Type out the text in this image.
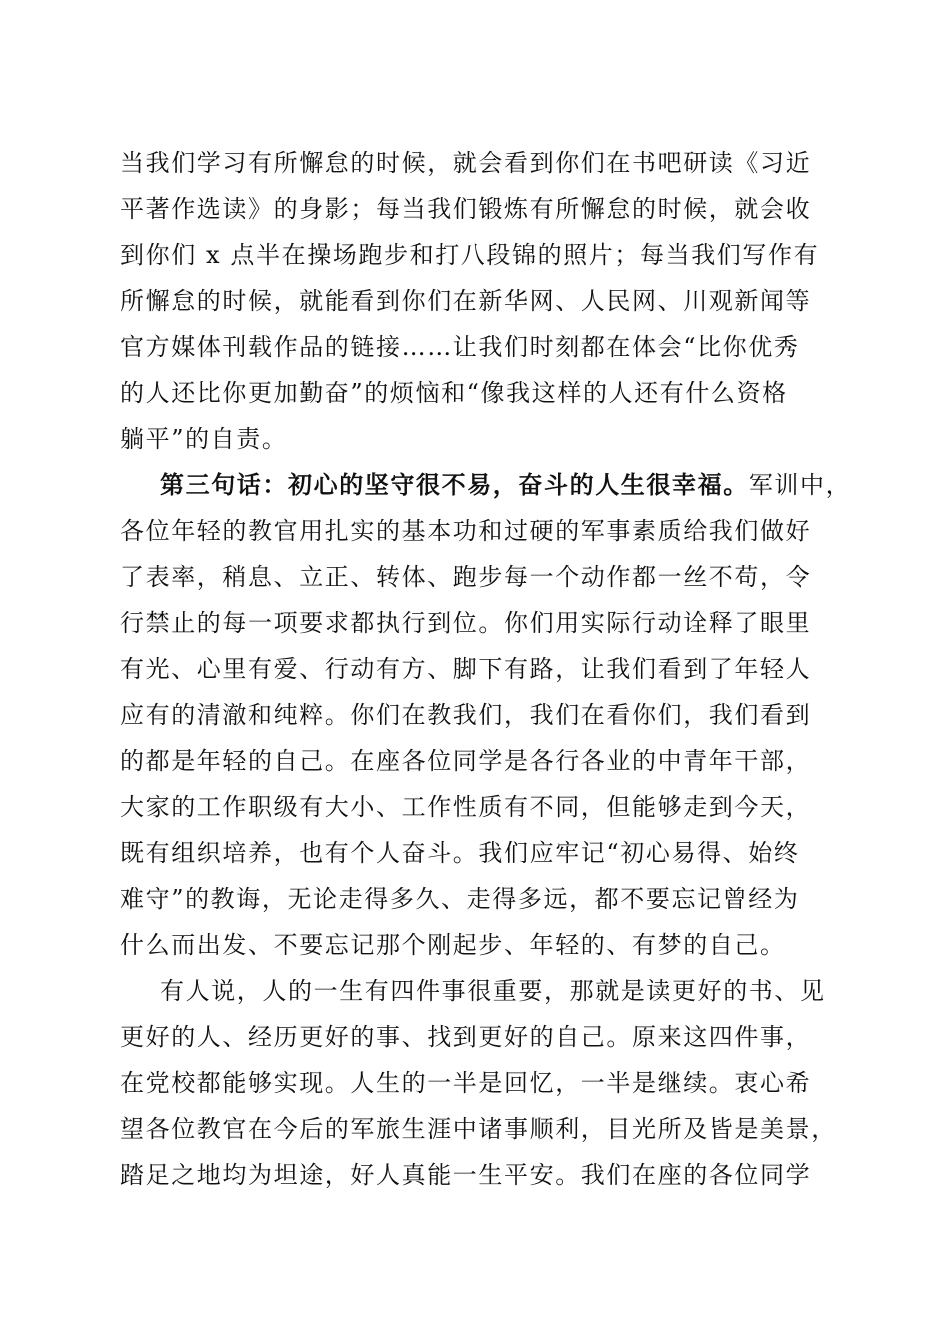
当我们学习有所懈怠的时候，就会看到你们在书吧研读《习近
平著作选读》的身影；每当我们锻炼有所懈怠的时候，就会收
到你们 x 点半在操场跑步和打八段锦的照片；每当我们写作有
所懈怠的时候，就能看到你们在新华网、人民网、川观新闻等
官方媒体刊载作品的链接……让我们时刻都在体会“比你优秀
的人还比你更加勤奋”的烦恼和“像我这样的人还有什么资格
躺平”的自责。
第三句话：初心的坚守很不易，奋斗的人生很幸福。军训中，
各位年轻的教官用扎实的基本功和过硬的军事素质给我们做好
了表率，稍息、立正、转体、跑步每一个动作都一丝不苟，令
行禁止的每一项要求都执行到位。你们用实际行动诠释了眼里
有光、心里有爱、行动有方、脚下有路，让我们看到了年轻人
应有的清澈和纯粹。你们在教我们，我们在看你们，我们看到
的都是年轻的自己。在座各位同学是各行各业的中青年干部，
大家的工作职级有大小、工作性质有不同，但能够走到今天，
既有组织培养，也有个人奋斗。我们应牢记“初心易得、始终
难守”的教诲，无论走得多久、走得多远，都不要忘记曾经为
什么而出发、不要忘记那个刚起步、年轻的、有梦的自己。
有人说，人的一生有四件事很重要，那就是读更好的书、见
更好的人、经历更好的事、找到更好的自己。原来这四件事，
在党校都能够实现。人生的一半是回忆，一半是继续。衷心希
望各位教官在今后的军旅生涯中诸事顺利，目光所及皆是美景，
踏足之地均为坦途，好人真能一生平安。我们在座的各位同学
